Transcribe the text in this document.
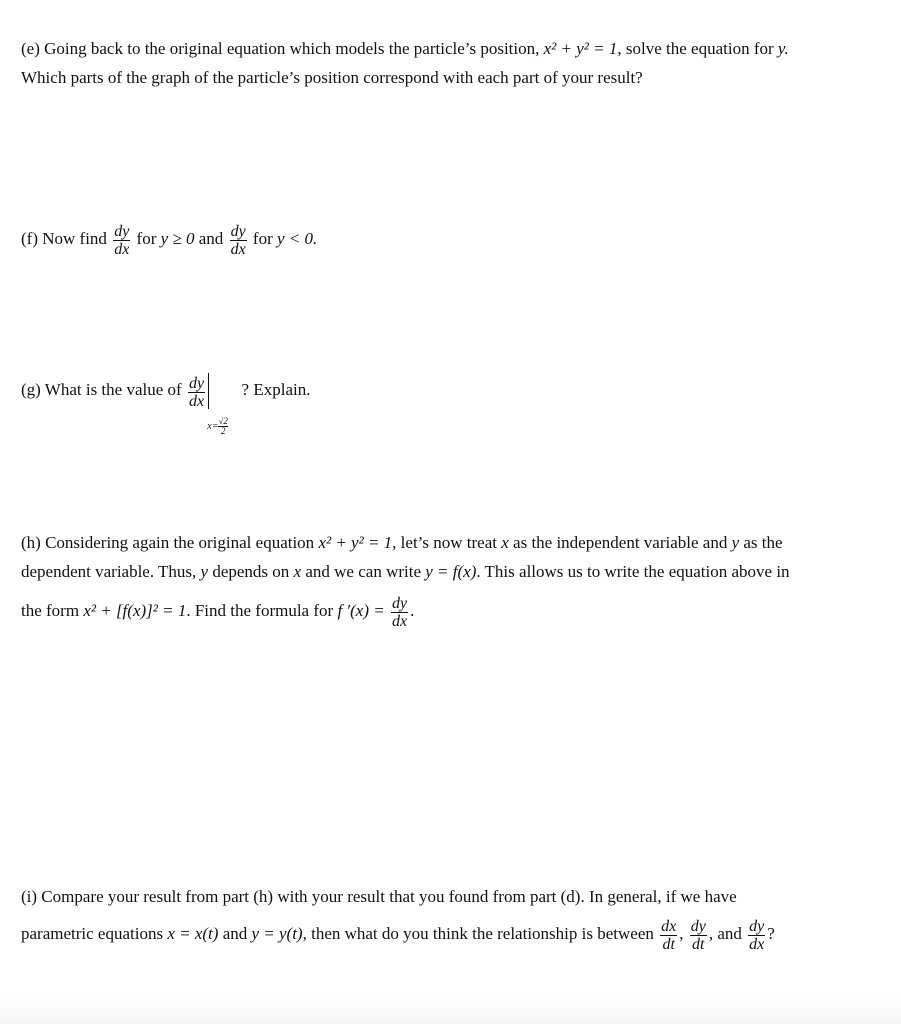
(e) Going back to the original equation which models the particle’s position, x² + y² = 1, solve the equation for y.
Which parts of the graph of the particle’s position correspond with each part of your result?
(f) Now find $\frac{dy}{dx}$ for y ≥ 0 and $\frac{dy}{dx}$ for y < 0.
(g) What is the value of $\frac{dy}{dx}$

$x= \frac{√2}{2}$
? Explain.
(h) Considering again the original equation x² + y² = 1, let’s now treat x as the independent variable and y as the
dependent variable. Thus, y depends on x and we can write y = f(x). This allows us to write the equation above in
the form x² + [f(x)]² = 1. Find the formula for f $'(x) = \frac{dy}{dx}$ .
(i) Compare your result from part (h) with your result that you found from part (d). In general, if we have
parametric equations x = x(t) and y = y(t), then what do you think the relationship is between $\frac{dx}{dt}$ , $\frac{dy}{dt}$ , and $\frac{dy}{dx}$ ?
